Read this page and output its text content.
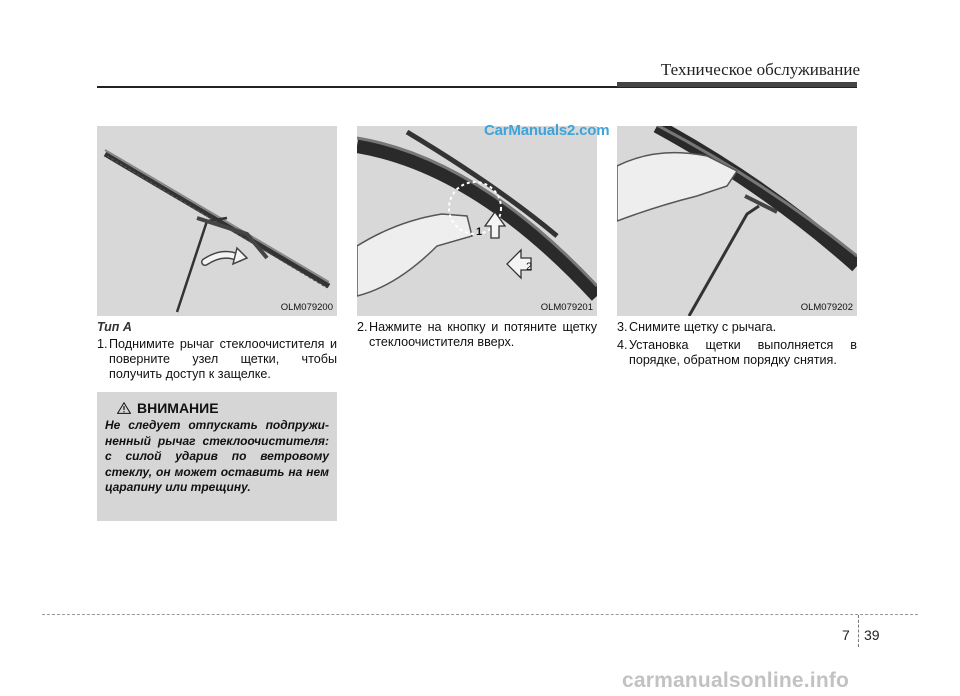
Техническое обслуживание
OLM079200
1
2
OLM079201
CarManuals2.com
OLM079202
Тип A
1. Поднимите рычаг стеклоочистителя и поверните узел щетки, чтобы получить доступ к защелке.
ВНИМАНИЕ
Не следует отпускать подпружиненный рычаг стеклоочистителя: с силой ударив по ветровому стеклу, он может оставить на нем царапину или трещину.
2. Нажмите на кнопку и потяните щетку стеклоочистителя вверх.
3. Снимите щетку с рычага.
4. Установка щетки выполняется в порядке, обратном порядку снятия.
7 39
carmanualsonline.info
